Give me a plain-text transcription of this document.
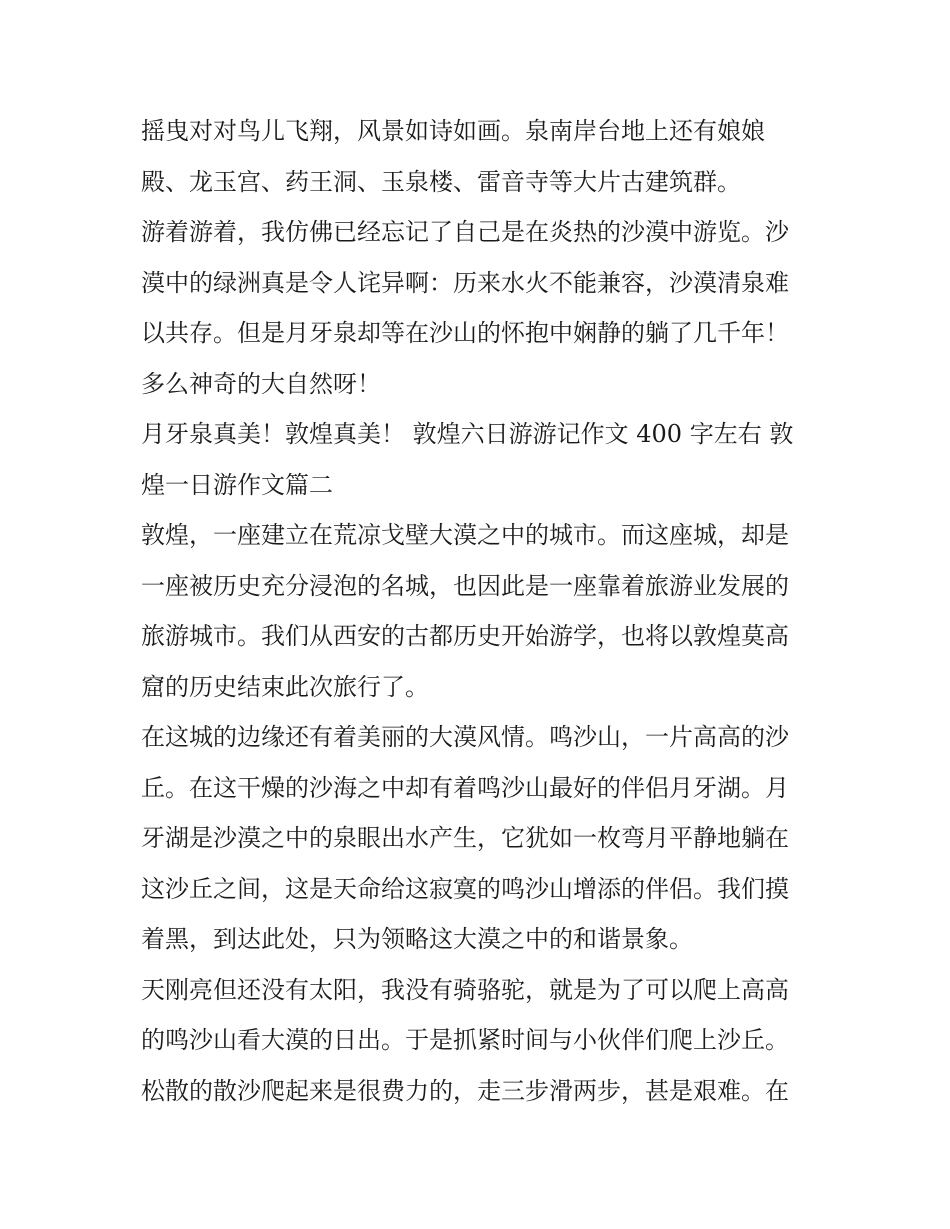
摇曳对对鸟儿飞翔，风景如诗如画。泉南岸台地上还有娘娘
殿、龙玉宫、药王洞、玉泉楼、雷音寺等大片古建筑群。

游着游着，我仿佛已经忘记了自己是在炎热的沙漠中游览。沙
漠中的绿洲真是令人诧异啊：历来水火不能兼容，沙漠清泉难
以共存。但是月牙泉却等在沙山的怀抱中娴静的躺了几千年！
多么神奇的大自然呀！

月牙泉真美！敦煌真美！ 敦煌六日游游记作文 400 字左右 敦
煌一日游作文篇二

敦煌，一座建立在荒凉戈壁大漠之中的城市。而这座城，却是
一座被历史充分浸泡的名城，也因此是一座靠着旅游业发展的
旅游城市。我们从西安的古都历史开始游学，也将以敦煌莫高
窟的历史结束此次旅行了。

在这城的边缘还有着美丽的大漠风情。鸣沙山，一片高高的沙
丘。在这干燥的沙海之中却有着鸣沙山最好的伴侣月牙湖。月
牙湖是沙漠之中的泉眼出水产生，它犹如一枚弯月平静地躺在
这沙丘之间，这是天命给这寂寞的鸣沙山增添的伴侣。我们摸
着黑，到达此处，只为领略这大漠之中的和谐景象。

天刚亮但还没有太阳，我没有骑骆驼，就是为了可以爬上高高
的鸣沙山看大漠的日出。于是抓紧时间与小伙伴们爬上沙丘。
松散的散沙爬起来是很费力的，走三步滑两步，甚是艰难。在
